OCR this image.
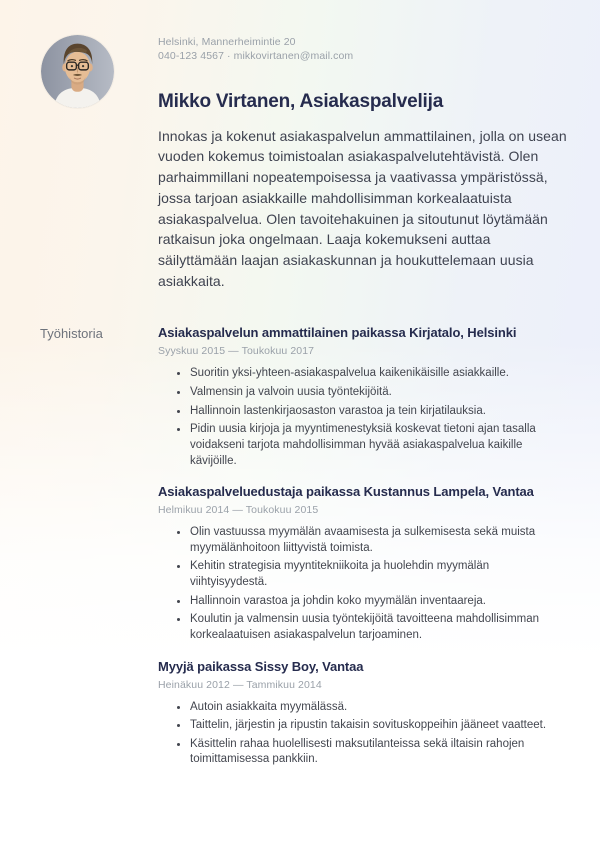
Helsinki, Mannerheimintie 20
040-123 4567 · mikkovirtanen@mail.com
Mikko Virtanen, Asiakaspalvelija

Innokas ja kokenut asiakaspalvelun ammattilainen, jolla on usean vuoden kokemus toimistoalan asiakaspalvelutehtävistä. Olen parhaimmillani nopeatempoisessa ja vaativassa ympäristössä, jossa tarjoan asiakkaille mahdollisimman korkealaatuista asiakaspalvelua. Olen tavoitehakuinen ja sitoutunut löytämään ratkaisun joka ongelmaan. Laaja kokemukseni auttaa säilyttämään laajan asiakaskunnan ja houkuttelemaan uusia asiakkaita.

Työhistoria	Asiakaspalvelun ammattilainen paikassa Kirjatalo, Helsinki
Syyskuu 2015 — Toukokuu 2017
• Suoritin yksi-yhteen-asiakaspalvelua kaikenikäisille asiakkaille.
• Valmensin ja valvoin uusia työntekijöitä.
• Hallinnoin lastenkirjaosaston varastoa ja tein kirjatilauksia.
• Pidin uusia kirjoja ja myyntimenestyksiä koskevat tietoni ajan tasalla voidakseni tarjota mahdollisimman hyvää asiakaspalvelua kaikille kävijöille.
Asiakaspalveluedustaja paikassa Kustannus Lampela, Vantaa
Helmikuu 2014 — Toukokuu 2015
• Olin vastuussa myymälän avaamisesta ja sulkemisesta sekä muista myymälänhoitoon liittyvistä toimista.
• Kehitin strategisia myyntitekniikoita ja huolehdin myymälän viihtyisyydestä.
• Hallinnoin varastoa ja johdin koko myymälän inventaareja.
• Koulutin ja valmensin uusia työntekijöitä tavoitteena mahdollisimman korkealaatuisen asiakaspalvelun tarjoaminen.
Myyjä paikassa Sissy Boy, Vantaa
Heinäkuu 2012 — Tammikuu 2014
• Autoin asiakkaita myymälässä.
• Taittelin, järjestin ja ripustin takaisin sovituskoppeihin jääneet vaatteet.
• Käsittelin rahaa huolellisesti maksutilanteissa sekä iltaisin rahojen toimittamisessa pankkiin.
